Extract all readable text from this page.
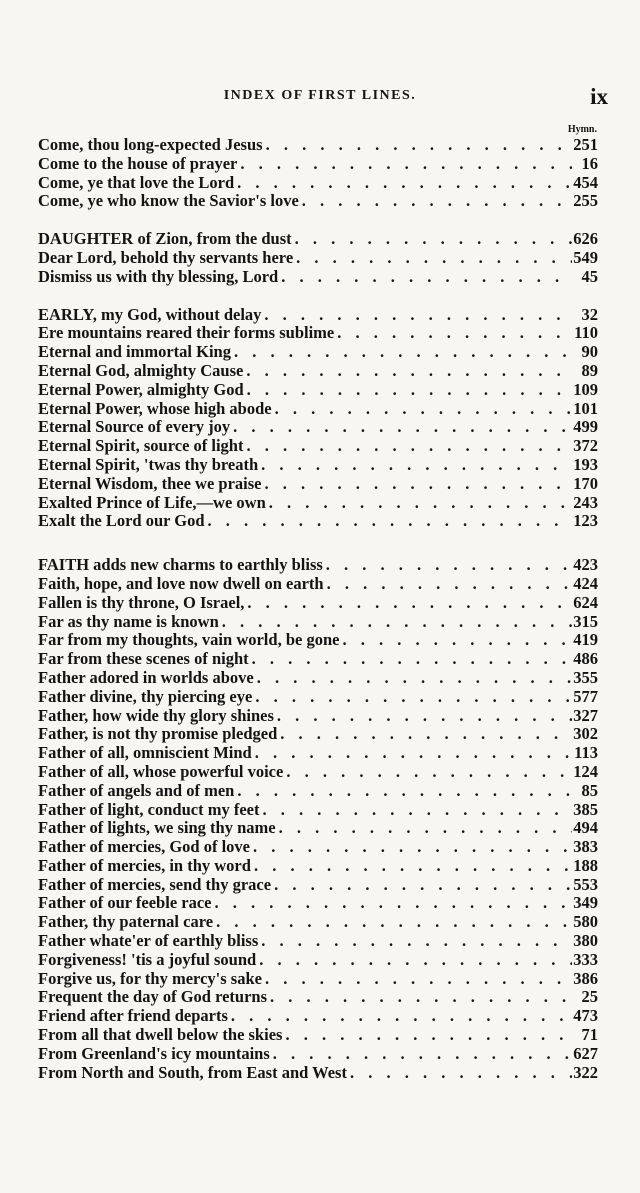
INDEX OF FIRST LINES.	ix
Hymn.
Come, thou long-expected Jesus . . .	251
Come to the house of prayer . . .	16
Come, ye that love the Lord . . .	454
Come, ye who know the Savior's love . . .	255
DAUGHTER of Zion, from the dust . . .	626
Dear Lord, behold thy servants here . . .	549
Dismiss us with thy blessing, Lord . . .	45
EARLY, my God, without delay . . .	32
Ere mountains reared their forms sublime . . .	110
Eternal and immortal King . . .	90
Eternal God, almighty Cause . . .	89
Eternal Power, almighty God . . .	109
Eternal Power, whose high abode . . .	101
Eternal Source of every joy . . .	499
Eternal Spirit, source of light . . .	372
Eternal Spirit, 'twas thy breath . . .	193
Eternal Wisdom, thee we praise . . .	170
Exalted Prince of Life,—we own . . .	243
Exalt the Lord our God . . .	123
FAITH adds new charms to earthly bliss . . .	423
Faith, hope, and love now dwell on earth . . .	424
Fallen is thy throne, O Israel, . . .	624
Far as thy name is known . . .	315
Far from my thoughts, vain world, be gone . . .	419
Far from these scenes of night . . .	486
Father adored in worlds above . . .	355
Father divine, thy piercing eye . . .	577
Father, how wide thy glory shines . . .	327
Father, is not thy promise pledged . . .	302
Father of all, omniscient Mind . . .	113
Father of all, whose powerful voice . . .	124
Father of angels and of men . . .	85
Father of light, conduct my feet . . .	385
Father of lights, we sing thy name . . .	494
Father of mercies, God of love . . .	383
Father of mercies, in thy word . . .	188
Father of mercies, send thy grace . . .	553
Father of our feeble race . . .	349
Father, thy paternal care . . .	580
Father whate'er of earthly bliss . . .	380
Forgiveness! 'tis a joyful sound . . .	333
Forgive us, for thy mercy's sake . . .	386
Frequent the day of God returns . . .	25
Friend after friend departs . . .	473
From all that dwell below the skies . . .	71
From Greenland's icy mountains . . .	627
From North and South, from East and West . . .	322
